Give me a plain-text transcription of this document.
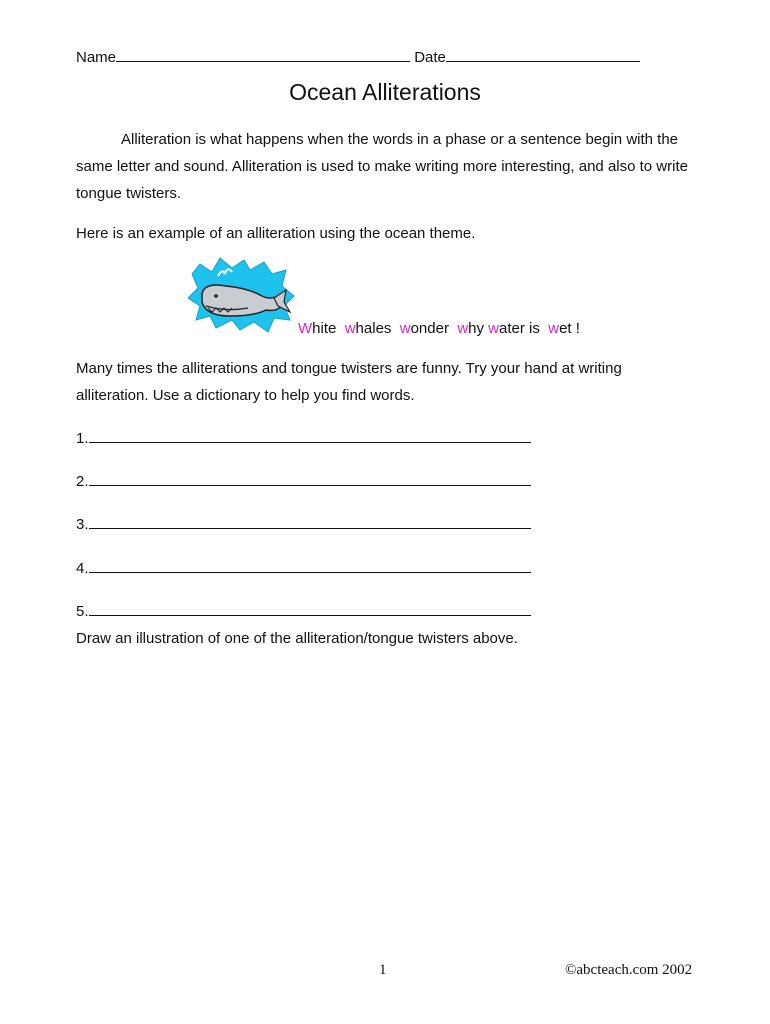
Name	Date
Ocean Alliterations
Alliteration is what happens when the words in a phase or a sentence begin with the
same letter and sound. Alliteration is used to make writing more interesting, and also to write
tongue twisters.
Here is an example of an alliteration using the ocean theme.
White whales wonder why water is wet !
Many times the alliterations and tongue twisters are funny. Try your hand at writing
alliteration. Use a dictionary to help you find words.
1.
2.
3.
4.
5.
Draw an illustration of one of the alliteration/tongue twisters above.
1	©abcteach.com 2002
